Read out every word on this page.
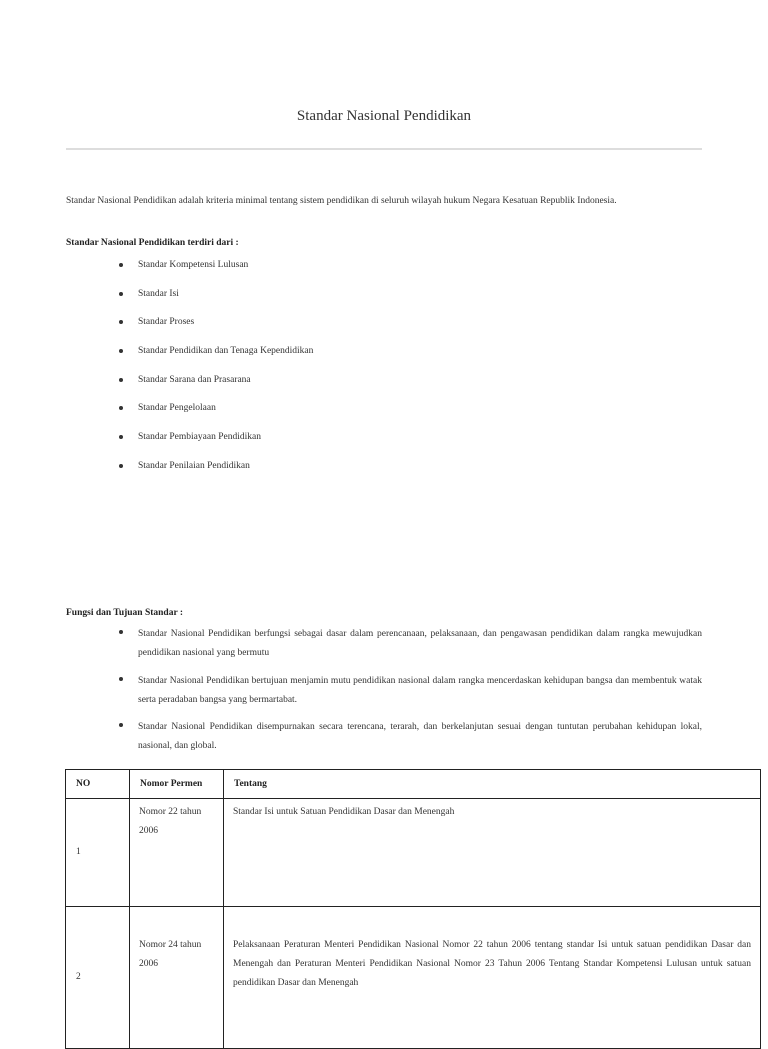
Standar Nasional Pendidikan
Standar Nasional Pendidikan adalah kriteria minimal tentang sistem pendidikan di seluruh wilayah hukum Negara Kesatuan Republik Indonesia.
Standar Nasional Pendidikan terdiri dari :
Standar Kompetensi Lulusan
Standar Isi
Standar Proses
Standar Pendidikan dan Tenaga Kependidikan
Standar Sarana dan Prasarana
Standar Pengelolaan
Standar Pembiayaan Pendidikan
Standar Penilaian Pendidikan
Fungsi dan Tujuan Standar :
Standar Nasional Pendidikan berfungsi sebagai dasar dalam perencanaan, pelaksanaan, dan pengawasan pendidikan dalam rangka mewujudkan pendidikan nasional yang bermutu
Standar Nasional Pendidikan bertujuan menjamin mutu pendidikan nasional dalam rangka mencerdaskan kehidupan bangsa dan membentuk watak serta peradaban bangsa yang bermartabat.
Standar Nasional Pendidikan disempurnakan secara terencana, terarah, dan berkelanjutan sesuai dengan tuntutan perubahan kehidupan lokal, nasional, dan global.
NO	Nomor Permen	Tentang
1	Nomor 22 tahun 2006	Standar Isi untuk Satuan Pendidikan Dasar dan Menengah
2	Nomor 24 tahun 2006	Pelaksanaan Peraturan Menteri Pendidikan Nasional Nomor 22 tahun 2006 tentang standar Isi untuk satuan pendidikan Dasar dan Menengah dan Peraturan Menteri Pendidikan Nasional Nomor 23 Tahun 2006 Tentang Standar Kompetensi Lulusan untuk satuan pendidikan Dasar dan Menengah
